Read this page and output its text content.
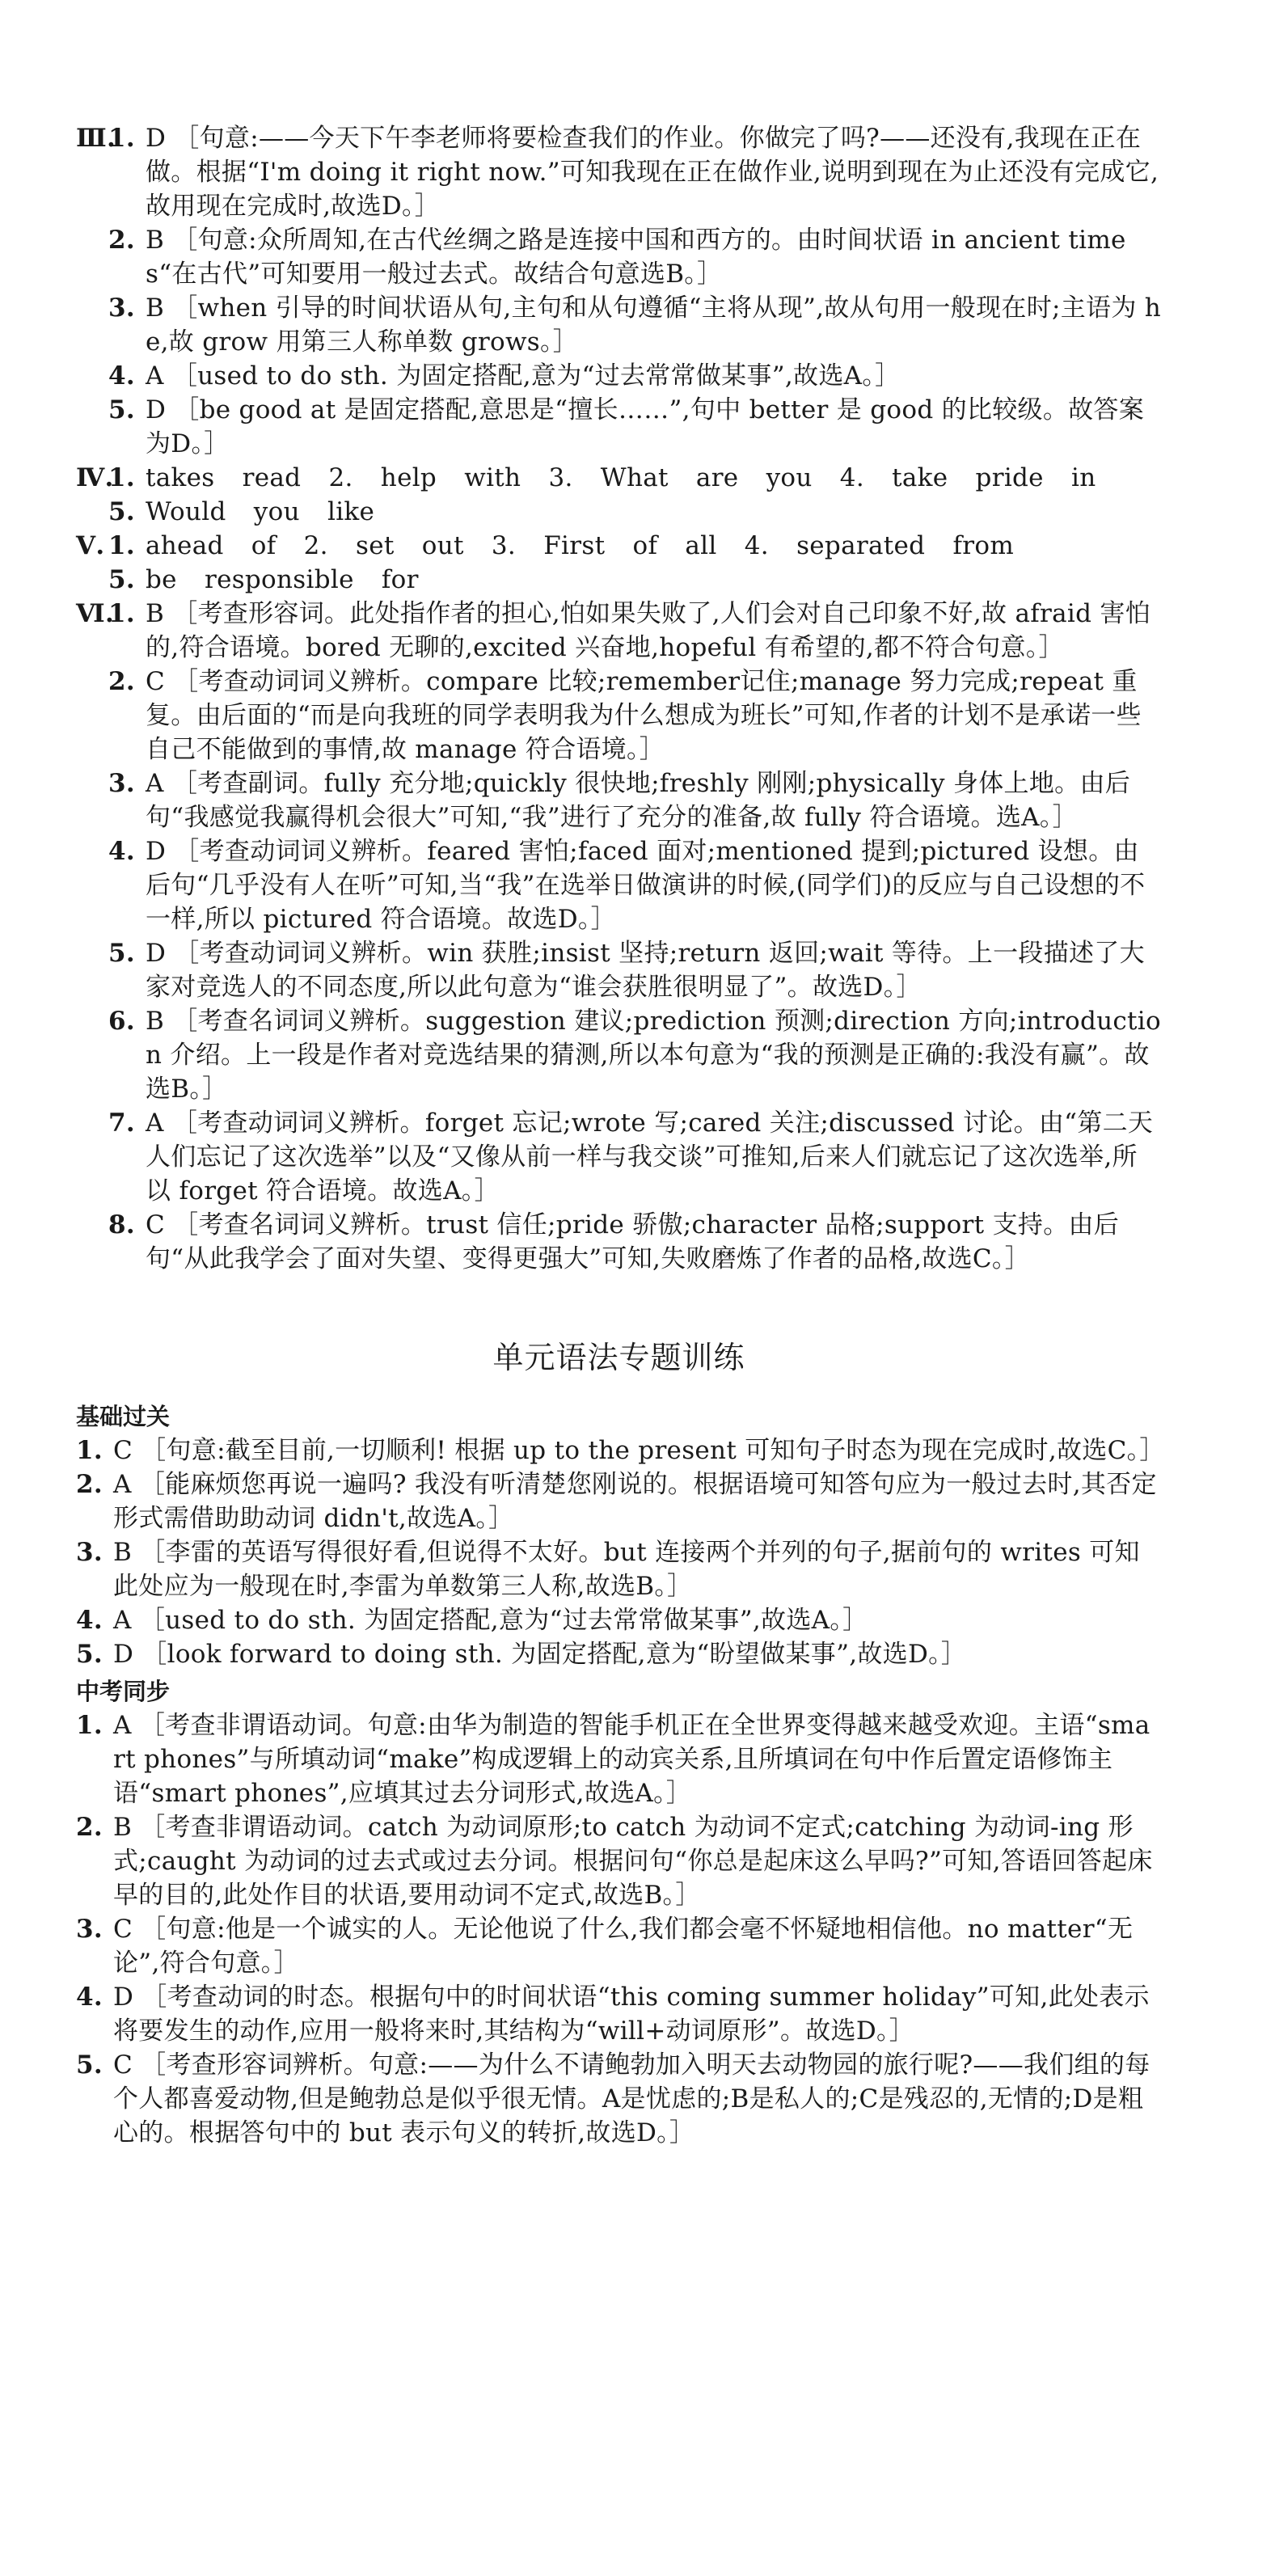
Ⅲ.
1. D ［句意:——今天下午李老师将要检查我们的作业。你做完了吗?——还没有,我现在正在做。根据“I'm doing it right now.”可知我现在正在做作业,说明到现在为止还没有完成它,故用现在完成时,故选D。］
2. B ［句意:众所周知,在古代丝绸之路是连接中国和西方的。由时间状语 in ancient times“在古代”可知要用一般过去式。故结合句意选B。］
3. B ［when 引导的时间状语从句,主句和从句遵循“主将从现”,故从句用一般现在时;主语为 he,故 grow 用第三人称单数 grows。］
4. A ［used to do sth. 为固定搭配,意为“过去常常做某事”,故选A。］
5. D ［be good at 是固定搭配,意思是“擅长……”,句中 better 是 good 的比较级。故答案为D。］
Ⅳ.
1. takes read 2. help with 3. What are you 4. take pride in
5. Would you like
Ⅴ. 1. ahead of 2. set out 3. First of all 4. separated from
5. be responsible for
Ⅵ.
1. B ［考查形容词。此处指作者的担心,怕如果失败了,人们会对自己印象不好,故 afraid 害怕的,符合语境。bored 无聊的,excited 兴奋地,hopeful 有希望的,都不符合句意。］
2. C ［考查动词词义辨析。compare 比较;remember记住;manage 努力完成;repeat 重复。由后面的“而是向我班的同学表明我为什么想成为班长”可知,作者的计划不是承诺一些自己不能做到的事情,故 manage 符合语境。］
3. A ［考查副词。fully 充分地;quickly 很快地;freshly 刚刚;physically 身体上地。由后句“我感觉我赢得机会很大”可知,“我”进行了充分的准备,故 fully 符合语境。选A。］
4. D ［考查动词词义辨析。feared 害怕;faced 面对;mentioned 提到;pictured 设想。由后句“几乎没有人在听”可知,当“我”在选举日做演讲的时候,(同学们)的反应与自己设想的不一样,所以 pictured 符合语境。故选D。］
5. D ［考查动词词义辨析。win 获胜;insist 坚持;return 返回;wait 等待。上一段描述了大家对竞选人的不同态度,所以此句意为“谁会获胜很明显了”。故选D。］
6. B ［考查名词词义辨析。suggestion 建议;prediction 预测;direction 方向;introduction 介绍。上一段是作者对竞选结果的猜测,所以本句意为“我的预测是正确的:我没有赢”。故选B。］
7. A ［考查动词词义辨析。forget 忘记;wrote 写;cared 关注;discussed 讨论。由“第二天人们忘记了这次选举”以及“又像从前一样与我交谈”可推知,后来人们就忘记了这次选举,所以 forget 符合语境。故选A。］
8. C ［考查名词词义辨析。trust 信任;pride 骄傲;character 品格;support 支持。由后句“从此我学会了面对失望、变得更强大”可知,失败磨炼了作者的品格,故选C。］
单元语法专题训练
基础过关
1. C ［句意:截至目前,一切顺利! 根据 up to the present 可知句子时态为现在完成时,故选C。］
2. A ［能麻烦您再说一遍吗? 我没有听清楚您刚说的。根据语境可知答句应为一般过去时,其否定形式需借助助动词 didn't,故选A。］
3. B ［李雷的英语写得很好看,但说得不太好。but 连接两个并列的句子,据前句的 writes 可知此处应为一般现在时,李雷为单数第三人称,故选B。］
4. A ［used to do sth. 为固定搭配,意为“过去常常做某事”,故选A。］
5. D ［look forward to doing sth. 为固定搭配,意为“盼望做某事”,故选D。］
中考同步
1. A ［考查非谓语动词。句意:由华为制造的智能手机正在全世界变得越来越受欢迎。主语“smart phones”与所填动词“make”构成逻辑上的动宾关系,且所填词在句中作后置定语修饰主语“smart phones”,应填其过去分词形式,故选A。］
2. B ［考查非谓语动词。catch 为动词原形;to catch 为动词不定式;catching 为动词-ing 形式;caught 为动词的过去式或过去分词。根据问句“你总是起床这么早吗?”可知,答语回答起床早的目的,此处作目的状语,要用动词不定式,故选B。］
3. C ［句意:他是一个诚实的人。无论他说了什么,我们都会毫不怀疑地相信他。no matter“无论”,符合句意。］
4. D ［考查动词的时态。根据句中的时间状语“this coming summer holiday”可知,此处表示将要发生的动作,应用一般将来时,其结构为“will+动词原形”。故选D。］
5. C ［考查形容词辨析。句意:——为什么不请鲍勃加入明天去动物园的旅行呢?——我们组的每个人都喜爱动物,但是鲍勃总是似乎很无情。A是忧虑的;B是私人的;C是残忍的,无情的;D是粗心的。根据答句中的 but 表示句义的转折,故选D。］
